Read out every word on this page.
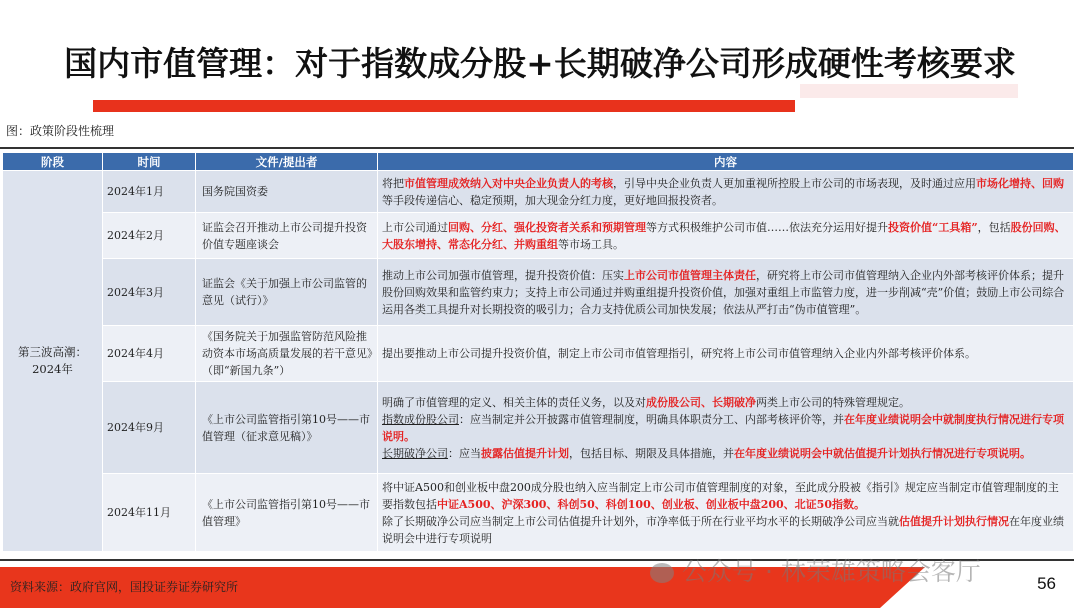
国内市值管理：对于指数成分股+长期破净公司形成硬性考核要求
图：政策阶段性梳理
阶段	时间	文件/提出者	内容
第三波高潮：2024年	2024年1月	国务院国资委	将把市值管理成效纳入对中央企业负责人的考核，引导中央企业负责人更加重视所控股上市公司的市场表现，及时通过应用市场化增持、回购等手段传递信心、稳定预期，加大现金分红力度，更好地回报投资者。
	2024年2月	证监会召开推动上市公司提升投资价值专题座谈会	上市公司通过回购、分红、强化投资者关系和预期管理等方式积极维护公司市值……依法充分运用好提升投资价值“工具箱”，包括股份回购、大股东增持、常态化分红、并购重组等市场工具。
	2024年3月	证监会《关于加强上市公司监管的意见（试行）》	推动上市公司加强市值管理，提升投资价值：压实上市公司市值管理主体责任，研究将上市公司市值管理纳入企业内外部考核评价体系；提升股份回购效果和监管约束力；支持上市公司通过并购重组提升投资价值，加强对重组上市监管力度，进一步削减“壳”价值；鼓励上市公司综合运用各类工具提升对长期投资的吸引力；合力支持优质公司加快发展；依法从严打击“伪市值管理”。
	2024年4月	《国务院关于加强监管防范风险推动资本市场高质量发展的若干意见》（即“新国九条”）	提出要推动上市公司提升投资价值，制定上市公司市值管理指引，研究将上市公司市值管理纳入企业内外部考核评价体系。
	2024年9月	《上市公司监管指引第10号——市值管理（征求意见稿）》	明确了市值管理的定义、相关主体的责任义务，以及对成份股公司、长期破净两类上市公司的特殊管理规定。
指数成份股公司：应当制定并公开披露市值管理制度，明确具体职责分工、内部考核评价等，并在年度业绩说明会中就制度执行情况进行专项说明。
长期破净公司：应当披露估值提升计划，包括目标、期限及具体措施，并在年度业绩说明会中就估值提升计划执行情况进行专项说明。
	2024年11月	《上市公司监管指引第10号——市值管理》	将中证A500和创业板中盘200成分股也纳入应当制定上市公司市值管理制度的对象，至此成分股被《指引》规定应当制定市值管理制度的主要指数包括中证A500、沪深300、科创50、科创100、创业板、创业板中盘200、北证50指数。
除了长期破净公司应当制定上市公司估值提升计划外，市净率低于所在行业平均水平的长期破净公司应当就估值提升计划执行情况在年度业绩说明会中进行专项说明
资料来源：政府官网，国投证券证券研究所	56
公众号 · 林荣雄策略会客厅
